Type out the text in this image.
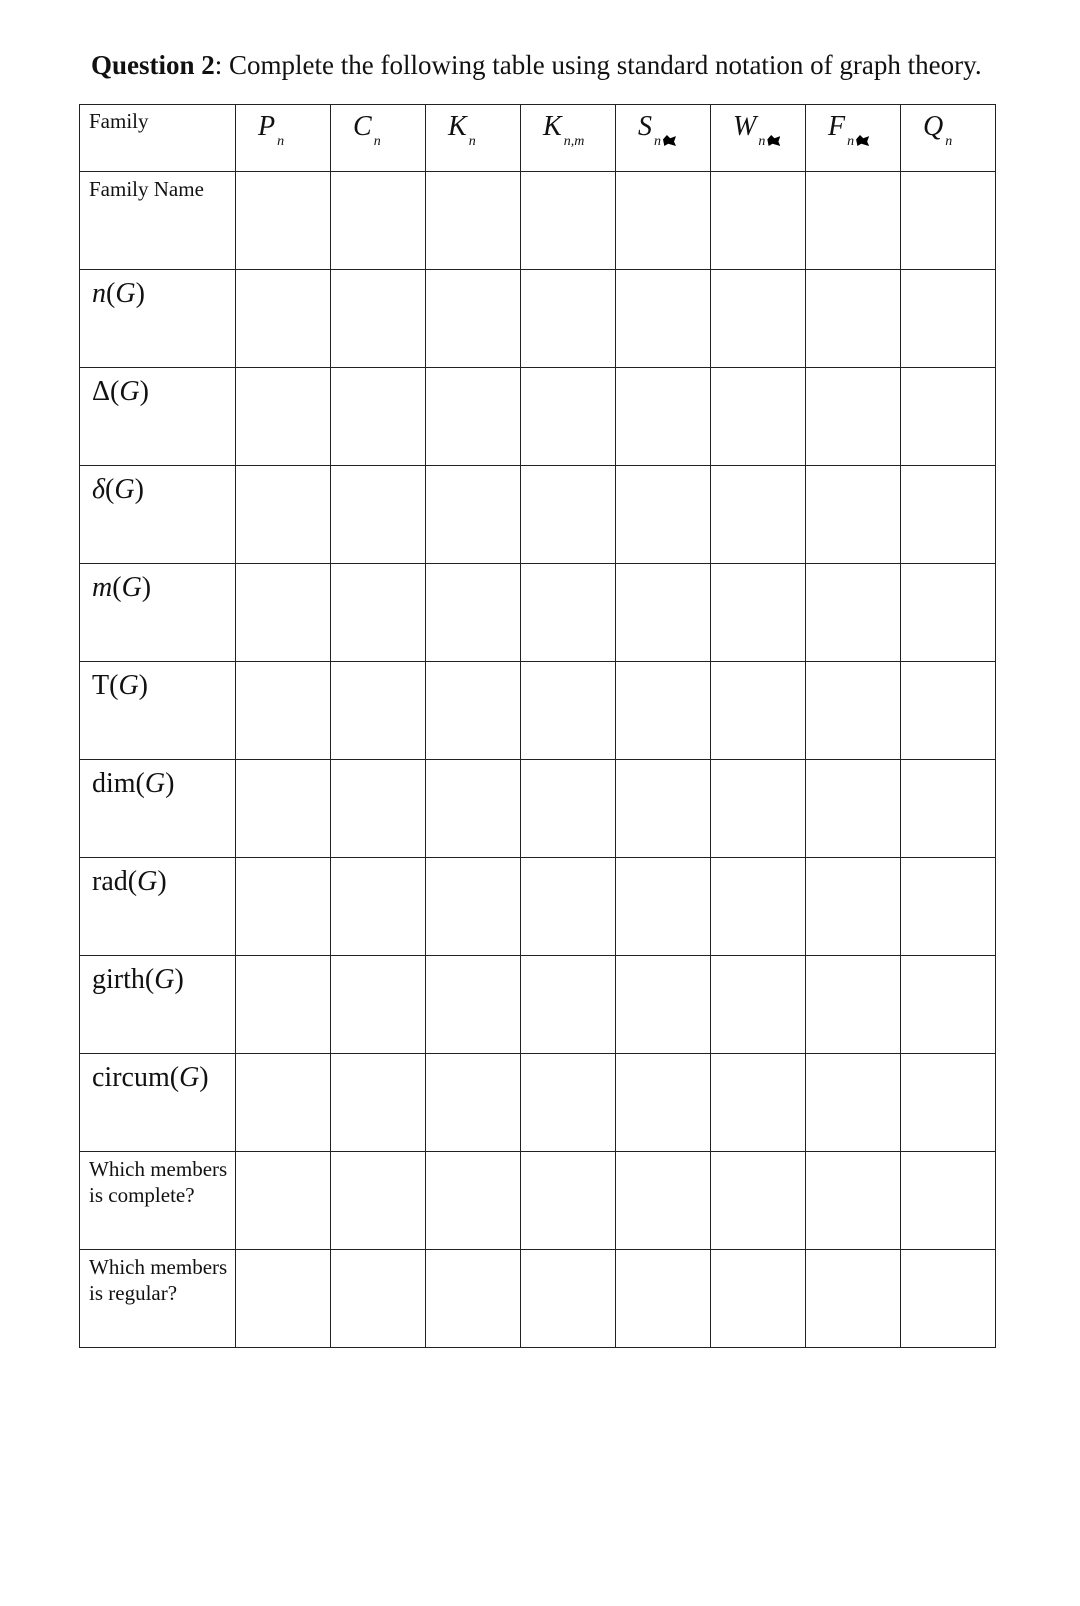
Question 2: Complete the following table using standard notation of graph theory.
Family	P $_n$	C $_n$	K $_n$	K $_{n,m}$	S $_n$	W $_n$	F $_n$	Q $_n$

Family Name								

n(G)								

Δ(G)								

δ(G)								

m(G)								

T(G)								

dim(G)								

rad(G)								

girth(G)								

circum(G)								

Which members is complete?								

Which members is regular?								
